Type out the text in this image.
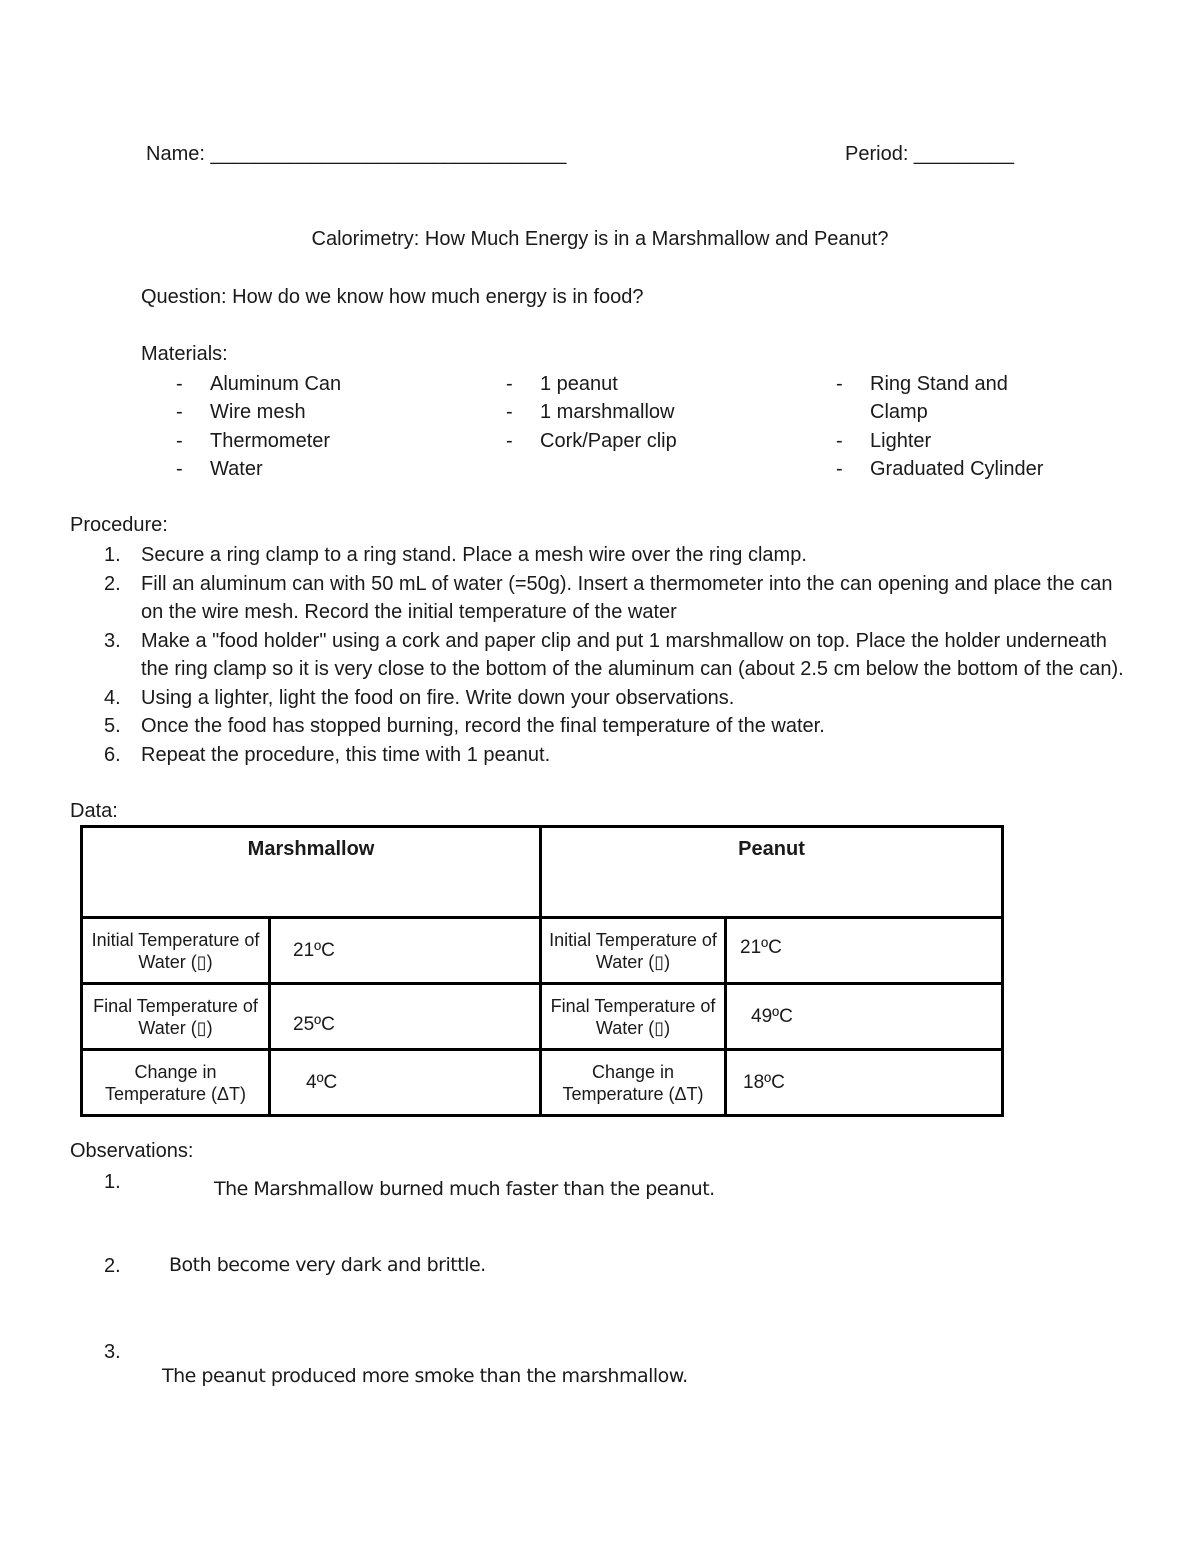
Name: ________________________________	Period: _________
Calorimetry: How Much Energy is in a Marshmallow and Peanut?
Question: How do we know how much energy is in food?
Materials:
-	Aluminum Can
-	Wire mesh
-	Thermometer
-	Water
-	1 peanut
-	1 marshmallow
-	Cork/Paper clip
-	Ring Stand and
Clamp
-	Lighter
-	Graduated Cylinder
Procedure:
1.	Secure a ring clamp to a ring stand. Place a mesh wire over the ring clamp.
2.	Fill an aluminum can with 50 mL of water (=50g). Insert a thermometer into the can opening and place the can on the wire mesh. Record the initial temperature of the water
3.	Make a "food holder" using a cork and paper clip and put 1 marshmallow on top. Place the holder underneath the ring clamp so it is very close to the bottom of the aluminum can (about 2.5 cm below the bottom of the can).
4.	Using a lighter, light the food on fire. Write down your observations.
5.	Once the food has stopped burning, record the final temperature of the water.
6.	Repeat the procedure, this time with 1 peanut.
Data:
Marshmallow		Peanut	
Initial Temperature of Water (▯)	21ºC	Initial Temperature of Water (▯)	21ºC
Final Temperature of Water (▯)	25ºC	Final Temperature of Water (▯)	49ºC
Change in Temperature (ΔT)	4ºC	Change in Temperature (ΔT)	18ºC
Observations:
1.	The Marshmallow burned much faster than the peanut.
2.	Both become very dark and brittle.
3.
The peanut produced more smoke than the marshmallow.
